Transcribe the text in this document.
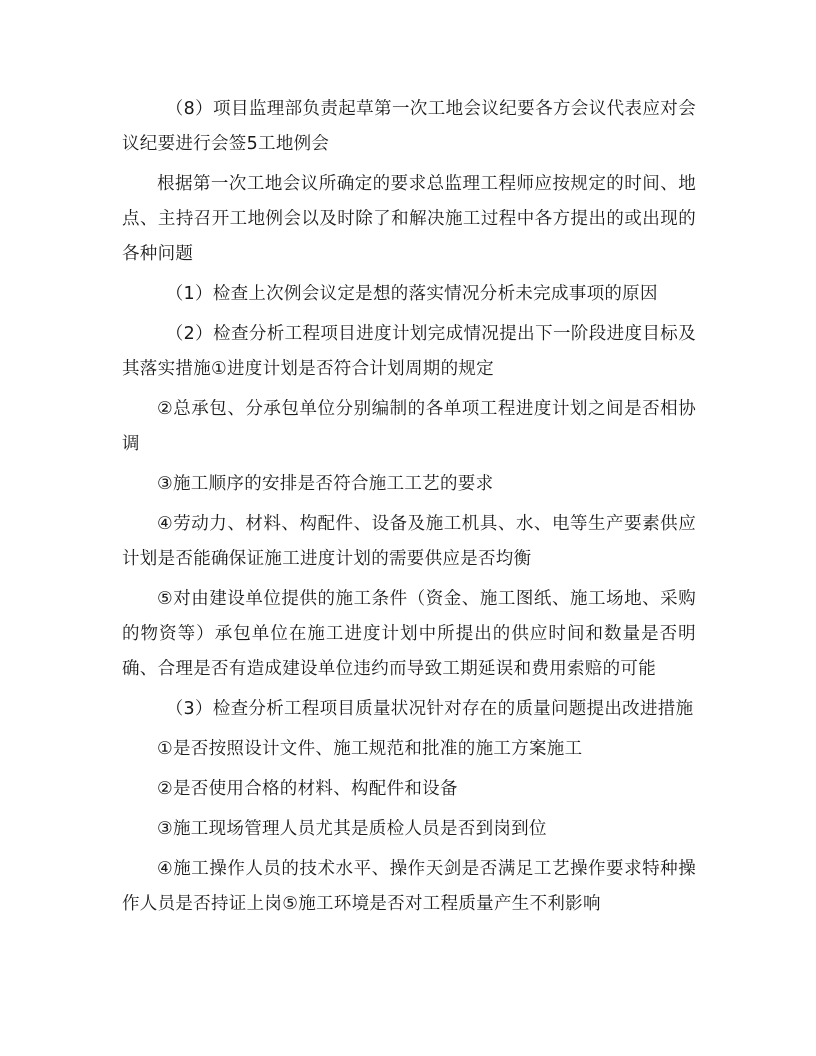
（8）项目监理部负责起草第一次工地会议纪要各方会议代表应对会议纪要进行会签5工地例会

根据第一次工地会议所确定的要求总监理工程师应按规定的时间、地点、主持召开工地例会以及时除了和解决施工过程中各方提出的或出现的各种问题

（1）检查上次例会议定是想的落实情况分析未完成事项的原因

（2）检查分析工程项目进度计划完成情况提出下一阶段进度目标及其落实措施①进度计划是否符合计划周期的规定

②总承包、分承包单位分别编制的各单项工程进度计划之间是否相协调

③施工顺序的安排是否符合施工工艺的要求

④劳动力、材料、构配件、设备及施工机具、水、电等生产要素供应计划是否能确保证施工进度计划的需要供应是否均衡

⑤对由建设单位提供的施工条件（资金、施工图纸、施工场地、采购的物资等）承包单位在施工进度计划中所提出的供应时间和数量是否明确、合理是否有造成建设单位违约而导致工期延误和费用索赔的可能

（3）检查分析工程项目质量状况针对存在的质量问题提出改进措施

①是否按照设计文件、施工规范和批准的施工方案施工

②是否使用合格的材料、构配件和设备

③施工现场管理人员尤其是质检人员是否到岗到位

④施工操作人员的技术水平、操作天剑是否满足工艺操作要求特种操作人员是否持证上岗⑤施工环境是否对工程质量产生不利影响
